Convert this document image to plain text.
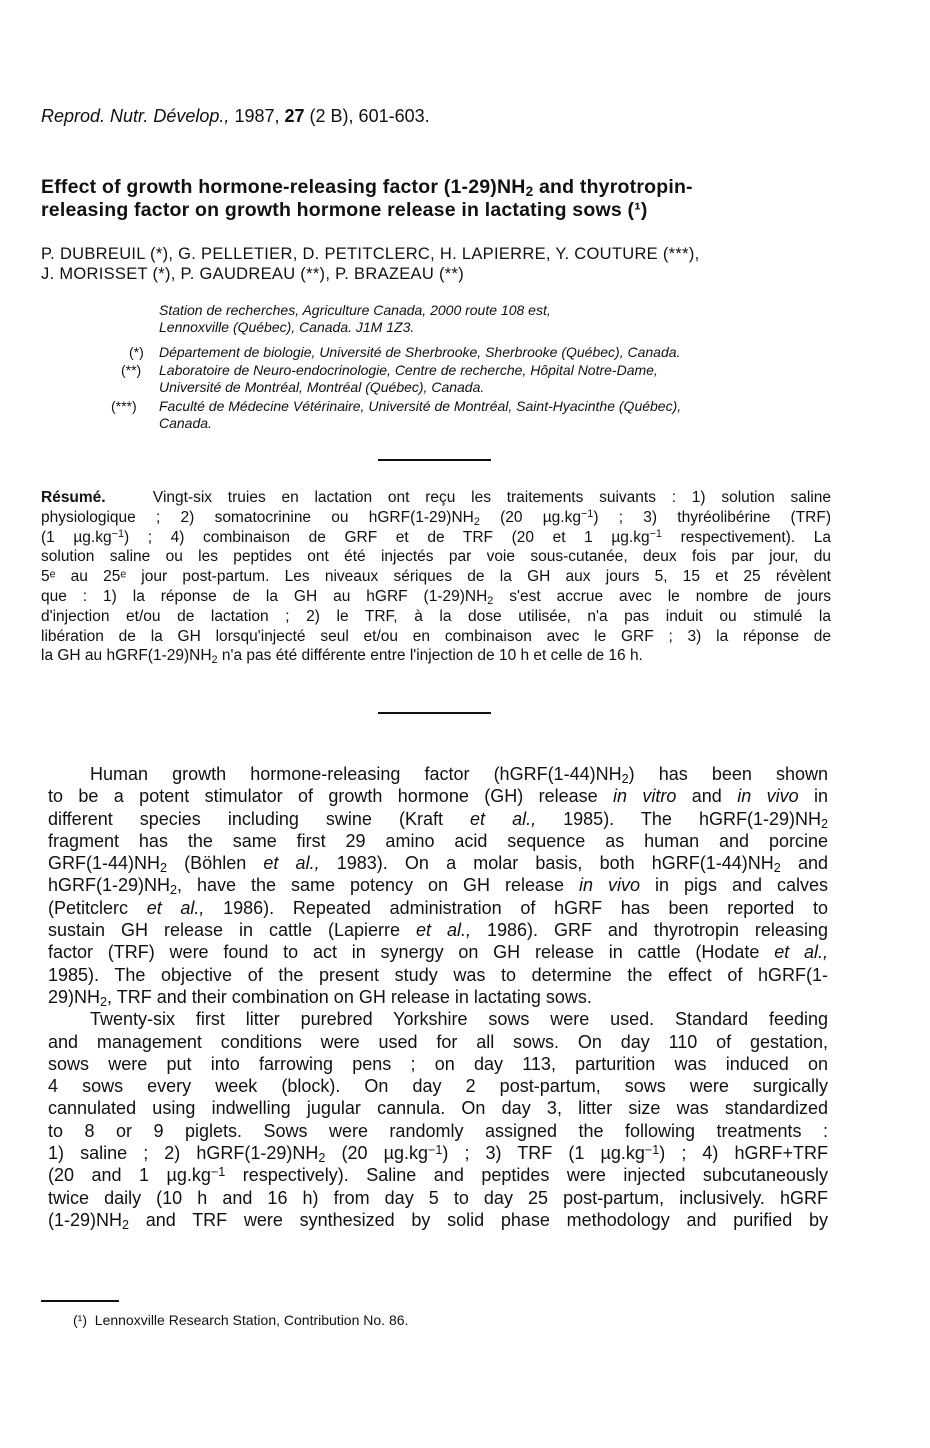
Reprod. Nutr. Dévelop., 1987, 27 (2 B), 601-603.
Effect of growth hormone-releasing factor $(1-29)NH_2$ and thyrotropin-
releasing factor on growth hormone release in lactating sows (¹)
P. DUBREUIL (*), G. PELLETIER, D. PETITCLERC, H. LAPIERRE, Y. COUTURE (***),
J. MORISSET (*), P. GAUDREAU (**), P. BRAZEAU (**)
Station de recherches, Agriculture Canada, 2000 route 108 est,
Lennoxville (Québec), Canada. J1M 1Z3.
(*) Département de biologie, Université de Sherbrooke, Sherbrooke (Québec), Canada.
(**) Laboratoire de Neuro-endocrinologie, Centre de recherche, Hôpital Notre-Dame,
Université de Montréal, Montréal (Québec), Canada.
(***) Faculté de Médecine Vétérinaire, Université de Montréal, Saint-Hyacinthe (Québec),
Canada.
Résumé.	Vingt-six truies en lactation ont reçu les traitements suivants : 1) solution saline
physiologique ; 2) somatocrinine ou $hGRF(1-29)NH_2$ (20 $\mu g.kg^{-1}$) ; 3) thyréolibérine (TRF)
(1 $\mu g.kg^{-1}$) ; 4) combinaison de GRF et de TRF (20 et 1 $\mu g.kg^{-1}$ respectivement). La
solution saline ou les peptides ont été injectés par voie sous-cutanée, deux fois par jour, du
5ᵉ au 25ᵉ jour post-partum. Les niveaux sériques de la GH aux jours 5, 15 et 25 révèlent
que : 1) la réponse de la GH au hGRF $(1-29)NH_2$ s'est accrue avec le nombre de jours
d'injection et/ou de lactation ; 2) le TRF, à la dose utilisée, n'a pas induit ou stimulé la
libération de la GH lorsqu'injecté seul et/ou en combinaison avec le GRF ; 3) la réponse de
la GH au $hGRF(1-29)NH_2$ n'a pas été différente entre l'injection de 10 h et celle de 16 h.
Human growth hormone-releasing factor $(hGRF(1-44)NH_2)$ has been shown
to be a potent stimulator of growth hormone (GH) release in vitro and in vivo in
different species including swine (Kraft et al., 1985). The $hGRF(1-29)NH_2$
fragment has the same first 29 amino acid sequence as human and porcine
$GRF(1-44)NH_2$ (Böhlen et al., 1983). On a molar basis, both $hGRF(1-44)NH_2$ and
$hGRF(1-29)NH_2$, have the same potency on GH release in vivo in pigs and calves
(Petitclerc et al., 1986). Repeated administration of hGRF has been reported to
sustain GH release in cattle (Lapierre et al., 1986). GRF and thyrotropin releasing
factor (TRF) were found to act in synergy on GH release in cattle (Hodate et al.,
1985). The objective of the present study was to determine the effect of hGRF(1-
$29)NH_2$, TRF and their combination on GH release in lactating sows.
Twenty-six first litter purebred Yorkshire sows were used. Standard feeding
and management conditions were used for all sows. On day 110 of gestation,
sows were put into farrowing pens ; on day 113, parturition was induced on
4 sows every week (block). On day 2 post-partum, sows were surgically
cannulated using indwelling jugular cannula. On day 3, litter size was standardized
to 8 or 9 piglets. Sows were randomly assigned the following treatments :
1) saline ; 2) $hGRF(1-29)NH_2$ (20 $\mu g.kg^{-1}$) ; 3) TRF (1 $\mu g.kg^{-1}$) ; 4) hGRF+TRF
(20 and 1 $\mu g.kg^{-1}$ respectively). Saline and peptides were injected subcutaneously
twice daily (10 h and 16 h) from day 5 to day 25 post-partum, inclusively. hGRF
$(1-29)NH_2$ and TRF were synthesized by solid phase methodology and purified by
(¹) Lennoxville Research Station, Contribution No. 86.
